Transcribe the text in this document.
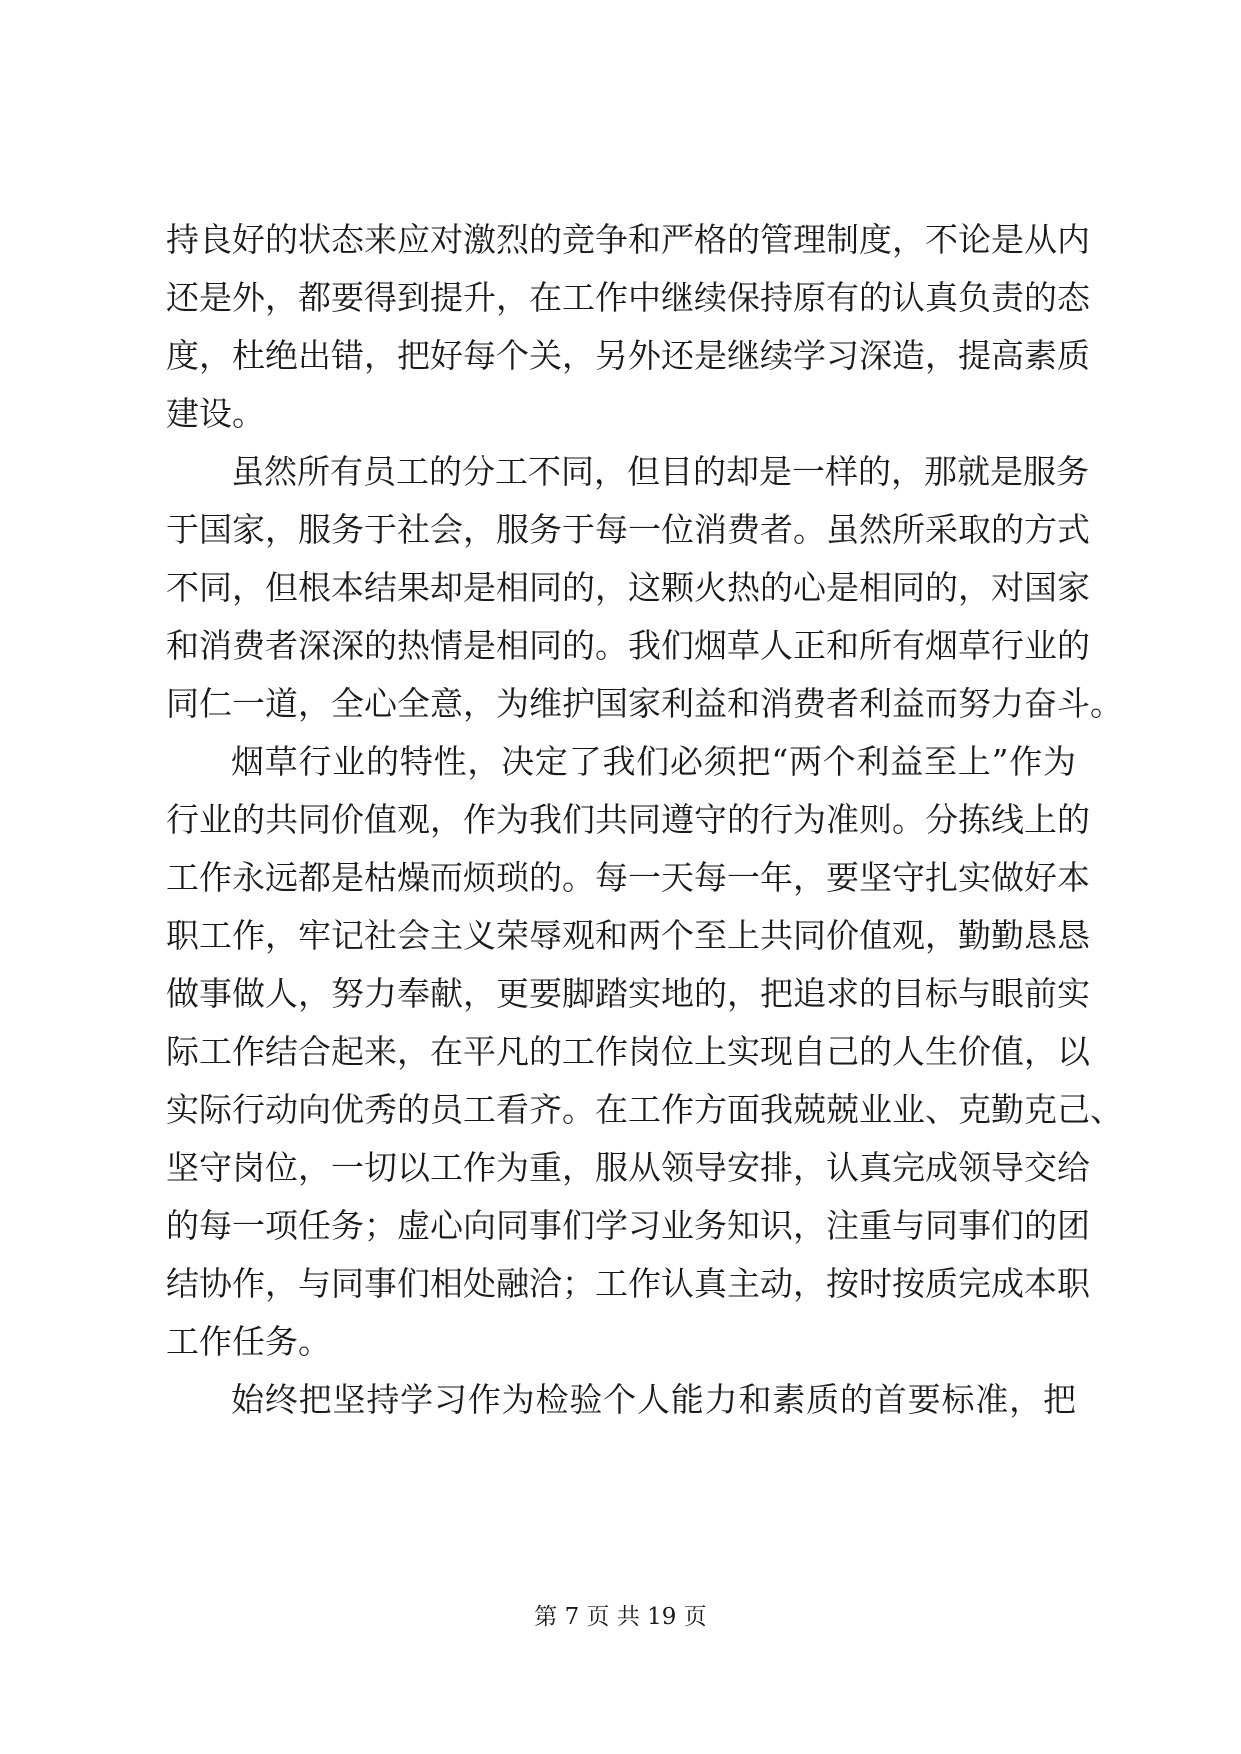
持良好的状态来应对激烈的竞争和严格的管理制度，不论是从内
还是外，都要得到提升，在工作中继续保持原有的认真负责的态
度，杜绝出错，把好每个关，另外还是继续学习深造，提高素质
建设。
虽然所有员工的分工不同，但目的却是一样的，那就是服务
于国家，服务于社会，服务于每一位消费者。虽然所采取的方式
不同，但根本结果却是相同的，这颗火热的心是相同的，对国家
和消费者深深的热情是相同的。我们烟草人正和所有烟草行业的
同仁一道，全心全意，为维护国家利益和消费者利益而努力奋斗。
烟草行业的特性，决定了我们必须把“两个利益至上”作为
行业的共同价值观，作为我们共同遵守的行为准则。分拣线上的
工作永远都是枯燥而烦琐的。每一天每一年，要坚守扎实做好本
职工作，牢记社会主义荣辱观和两个至上共同价值观，勤勤恳恳
做事做人，努力奉献，更要脚踏实地的，把追求的目标与眼前实
际工作结合起来，在平凡的工作岗位上实现自己的人生价值，以
实际行动向优秀的员工看齐。在工作方面我兢兢业业、克勤克己、
坚守岗位，一切以工作为重，服从领导安排，认真完成领导交给
的每一项任务；虚心向同事们学习业务知识，注重与同事们的团
结协作，与同事们相处融洽；工作认真主动，按时按质完成本职
工作任务。
始终把坚持学习作为检验个人能力和素质的首要标准，把
第 7 页 共 19 页
